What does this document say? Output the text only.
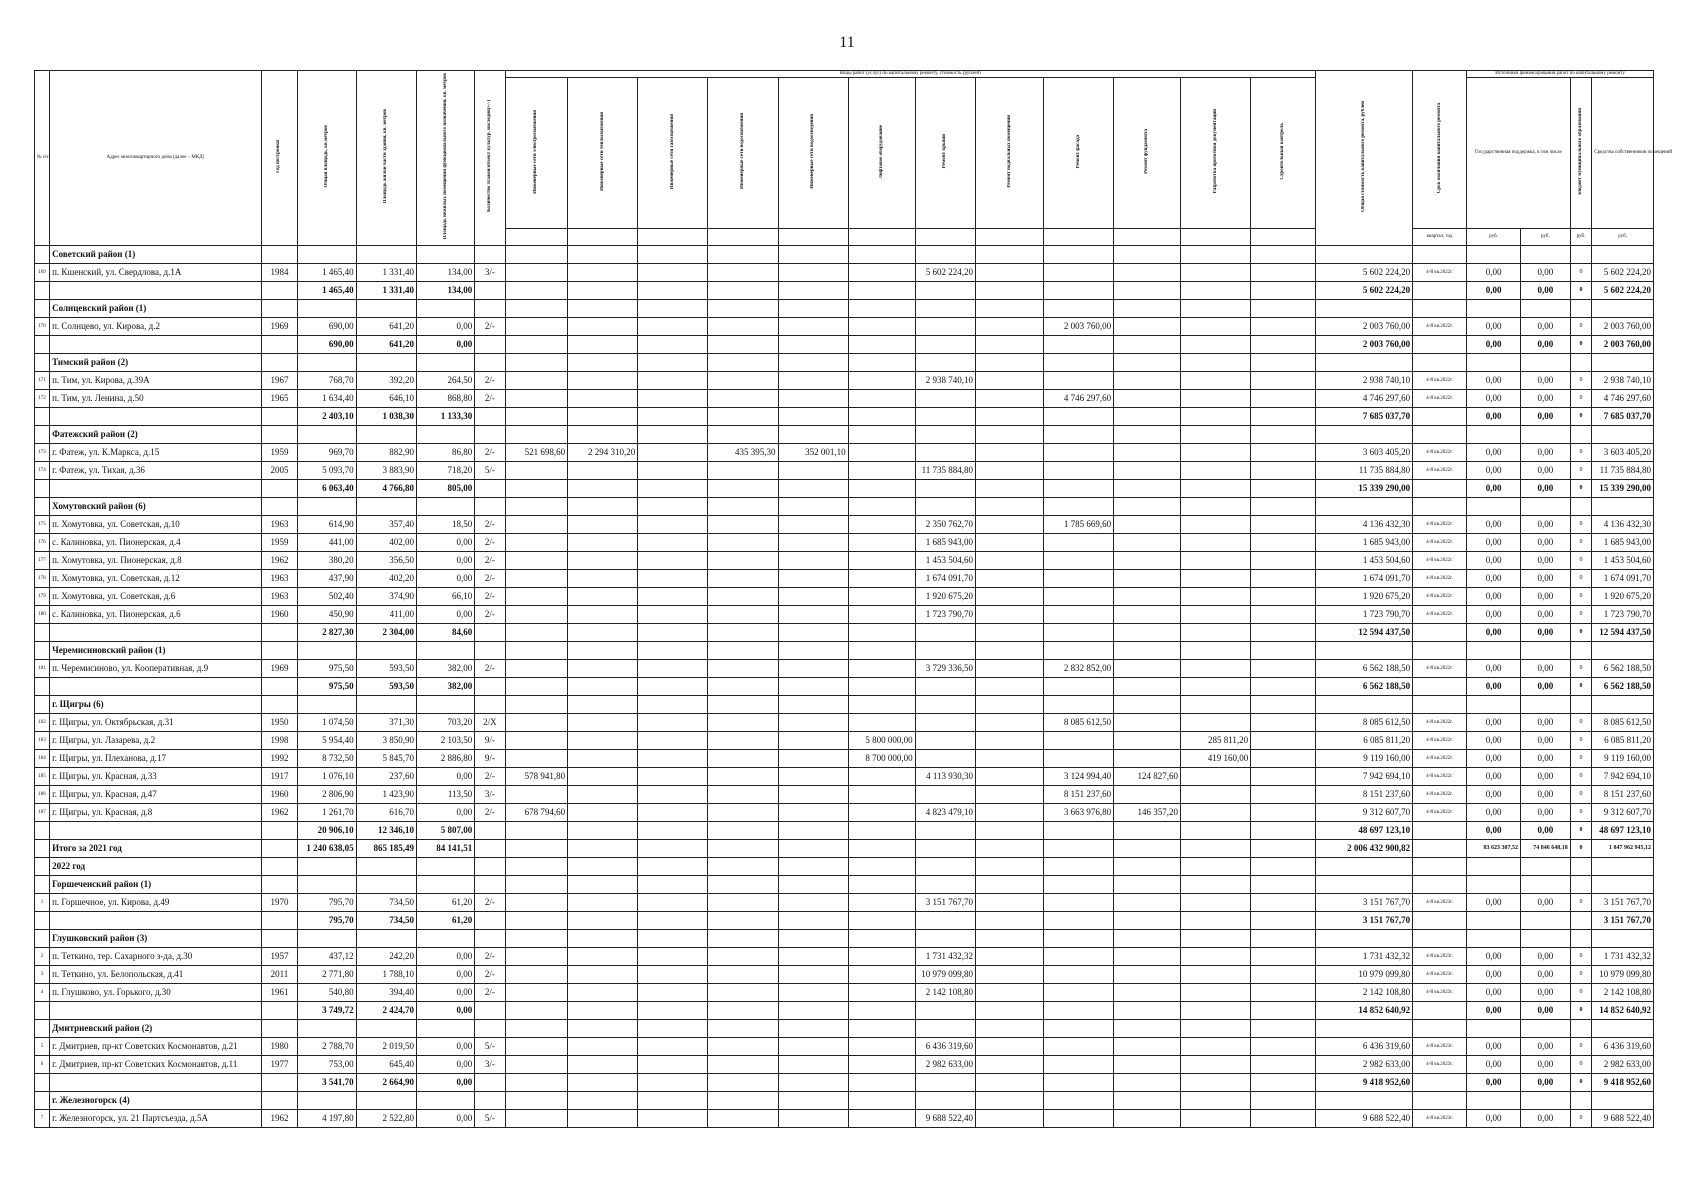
11
№ п/п	Адрес многоквартирного дома (далее – МКД)	Год постройки	Общая площадь, кв.метров	Площадь жилой части здания, кв. метров	Площадь нежилых помещений функционального назначения, кв. метров	Количество этажей/объект культур. наследия(+/-)	Виды работ (услуг) по капитальному ремонту, стоимость (рублей)												Общая стоимость капитального ремонта, рублей	Срок окончания капитального ремонта	Источники финансирования работ по капитальному ремонту			
							Инженерные сети электроснабжения	Инженерные сети теплоснабжения	Инженерные сети газоснабжения	Инженерные сети водоснабжения	Инженерные сети водоотведения	Лифтовое оборудование	Ремонт крыши	Ремонт подвальных помещений	Ремонт фасада	Ремонт фундамента	Разработка проектной документации	Строительный контроль			Государственная поддержка, в том числе		Бюджет муниципального образования	Средства собственников помещений
																				квартал, год	руб.	руб.	руб.	руб.
	Советский район (1)																							
169	п. Кшенский, ул. Свердлова, д.1А	1984	1 465,40	1 331,40	134,00	3/-							5 602 224,20						5 602 224,20	4-й кв.2022г.	0,00	0,00	0	5 602 224,20
			1 465,40	1 331,40	134,00														5 602 224,20		0,00	0,00	0	5 602 224,20
	Солнцевский район (1)																							
170	п. Солнцево, ул. Кирова, д.2	1969	690,00	641,20	0,00	2/-									2 003 760,00				2 003 760,00	4-й кв.2022г.	0,00	0,00	0	2 003 760,00
			690,00	641,20	0,00														2 003 760,00		0,00	0,00	0	2 003 760,00
	Тимский район (2)																							
171	п. Тим, ул. Кирова, д.39А	1967	768,70	392,20	264,50	2/-							2 938 740,10						2 938 740,10	4-й кв.2022г.	0,00	0,00	0	2 938 740,10
172	п. Тим, ул. Ленина, д.50	1965	1 634,40	646,10	868,80	2/-									4 746 297,60				4 746 297,60	4-й кв.2022г.	0,00	0,00	0	4 746 297,60
			2 403,10	1 038,30	1 133,30														7 685 037,70		0,00	0,00	0	7 685 037,70
	Фатежский район (2)																							
173	г. Фатеж, ул. К.Маркса, д.15	1959	969,70	882,90	86,80	2/-	521 698,60	2 294 310,20		435 395,30	352 001,10								3 603 405,20	4-й кв.2022г.	0,00	0,00	0	3 603 405,20
174	г. Фатеж, ул. Тихая, д.36	2005	5 093,70	3 883,90	718,20	5/-							11 735 884,80						11 735 884,80	4-й кв.2022г.	0,00	0,00	0	11 735 884,80
			6 063,40	4 766,80	805,00														15 339 290,00		0,00	0,00	0	15 339 290,00
	Хомутовский район (6)																							
175	п. Хомутовка, ул. Советская, д.10	1963	614,90	357,40	18,50	2/-							2 350 762,70		1 785 669,60				4 136 432,30	4-й кв.2022г.	0,00	0,00	0	4 136 432,30
176	с. Калиновка, ул. Пионерская, д.4	1959	441,00	402,00	0,00	2/-							1 685 943,00						1 685 943,00	4-й кв.2022г.	0,00	0,00	0	1 685 943,00
177	п. Хомутовка, ул. Пионерская, д.8	1962	380,20	356,50	0,00	2/-							1 453 504,60						1 453 504,60	4-й кв.2022г.	0,00	0,00	0	1 453 504,60
178	п. Хомутовка, ул. Советская, д.12	1963	437,90	402,20	0,00	2/-							1 674 091,70						1 674 091,70	4-й кв.2022г.	0,00	0,00	0	1 674 091,70
179	п. Хомутовка, ул. Советская, д.6	1963	502,40	374,90	66,10	2/-							1 920 675,20						1 920 675,20	4-й кв.2022г.	0,00	0,00	0	1 920 675,20
180	с. Калиновка, ул. Пионерская, д.6	1960	450,90	411,00	0,00	2/-							1 723 790,70						1 723 790,70	4-й кв.2022г.	0,00	0,00	0	1 723 790,70
			2 827,30	2 304,00	84,60														12 594 437,50		0,00	0,00	0	12 594 437,50
	Черемисиновский район (1)																							
181	п. Черемисиново, ул. Кооперативная, д.9	1969	975,50	593,50	382,00	2/-							3 729 336,50		2 832 852,00				6 562 188,50	4-й кв.2022г.	0,00	0,00	0	6 562 188,50
			975,50	593,50	382,00														6 562 188,50		0,00	0,00	0	6 562 188,50
	г. Щигры (6)																							
182	г. Щигры, ул. Октябрьская, д.31	1950	1 074,50	371,30	703,20	2/Х									8 085 612,50				8 085 612,50	4-й кв.2022г.	0,00	0,00	0	8 085 612,50
183	г. Щигры, ул. Лазарева, д.2	1998	5 954,40	3 850,90	2 103,50	9/-						5 800 000,00					285 811,20		6 085 811,20	4-й кв.2022г.	0,00	0,00	0	6 085 811,20
184	г. Щигры, ул. Плеханова, д.17	1992	8 732,50	5 845,70	2 886,80	9/-						8 700 000,00					419 160,00		9 119 160,00	4-й кв.2022г.	0,00	0,00	0	9 119 160,00
185	г. Щигры, ул. Красная, д.33	1917	1 076,10	237,60	0,00	2/-	578 941,80						4 113 930,30		3 124 994,40	124 827,60			7 942 694,10	4-й кв.2022г.	0,00	0,00	0	7 942 694,10
186	г. Щигры, ул. Красная, д.47	1960	2 806,90	1 423,90	113,50	3/-									8 151 237,60				8 151 237,60	4-й кв.2022г.	0,00	0,00	0	8 151 237,60
187	г. Щигры, ул. Красная, д.8	1962	1 261,70	616,70	0,00	2/-	678 794,60						4 823 479,10		3 663 976,80	146 357,20			9 312 607,70	4-й кв.2022г.	0,00	0,00	0	9 312 607,70
			20 906,10	12 346,10	5 807,00														48 697 123,10		0,00	0,00	0	48 697 123,10
	Итого за 2021 год		1 240 638,05	865 185,49	84 141,51														2 006 432 900,82		83 623 307,52	74 846 648,18	0	1 847 962 945,12
	2022 год																							
	Горшеченский район (1)																							
1	п. Горшечное, ул. Кирова, д.49	1970	795,70	734,50	61,20	2/-							3 151 767,70						3 151 767,70	4-й кв.2023г.	0,00	0,00	0	3 151 767,70
			795,70	734,50	61,20														3 151 767,70					3 151 767,70
	Глушковский район (3)																							
2	п. Теткино, тер. Сахарного з-да, д.30	1957	437,12	242,20	0,00	2/-							1 731 432,32						1 731 432,32	4-й кв.2023г.	0,00	0,00	0	1 731 432,32
3	п. Теткино, ул. Белопольская, д.41	2011	2 771,80	1 788,10	0,00	2/-							10 979 099,80						10 979 099,80	4-й кв.2023г.	0,00	0,00	0	10 979 099,80
4	п. Глушково, ул. Горького, д.30	1961	540,80	394,40	0,00	2/-							2 142 108,80						2 142 108,80	4-й кв.2023г.	0,00	0,00	0	2 142 108,80
			3 749,72	2 424,70	0,00														14 852 640,92		0,00	0,00	0	14 852 640,92
	Дмитриевский район (2)																							
5	г. Дмитриев, пр-кт Советских Космонавтов, д.21	1980	2 788,70	2 019,50	0,00	5/-							6 436 319,60						6 436 319,60	4-й кв.2023г.	0,00	0,00	0	6 436 319,60
6	г. Дмитриев, пр-кт Советских Космонавтов, д.11	1977	753,00	645,40	0,00	3/-							2 982 633,00						2 982 633,00	4-й кв.2023г.	0,00	0,00	0	2 982 633,00
			3 541,70	2 664,90	0,00														9 418 952,60		0,00	0,00	0	9 418 952,60
	г. Железногорск (4)																							
7	г. Железногорск, ул. 21 Партсъезда, д.5А	1962	4 197,80	2 522,80	0,00	5/-							9 688 522,40						9 688 522,40	4-й кв.2023г.	0,00	0,00	0	9 688 522,40
